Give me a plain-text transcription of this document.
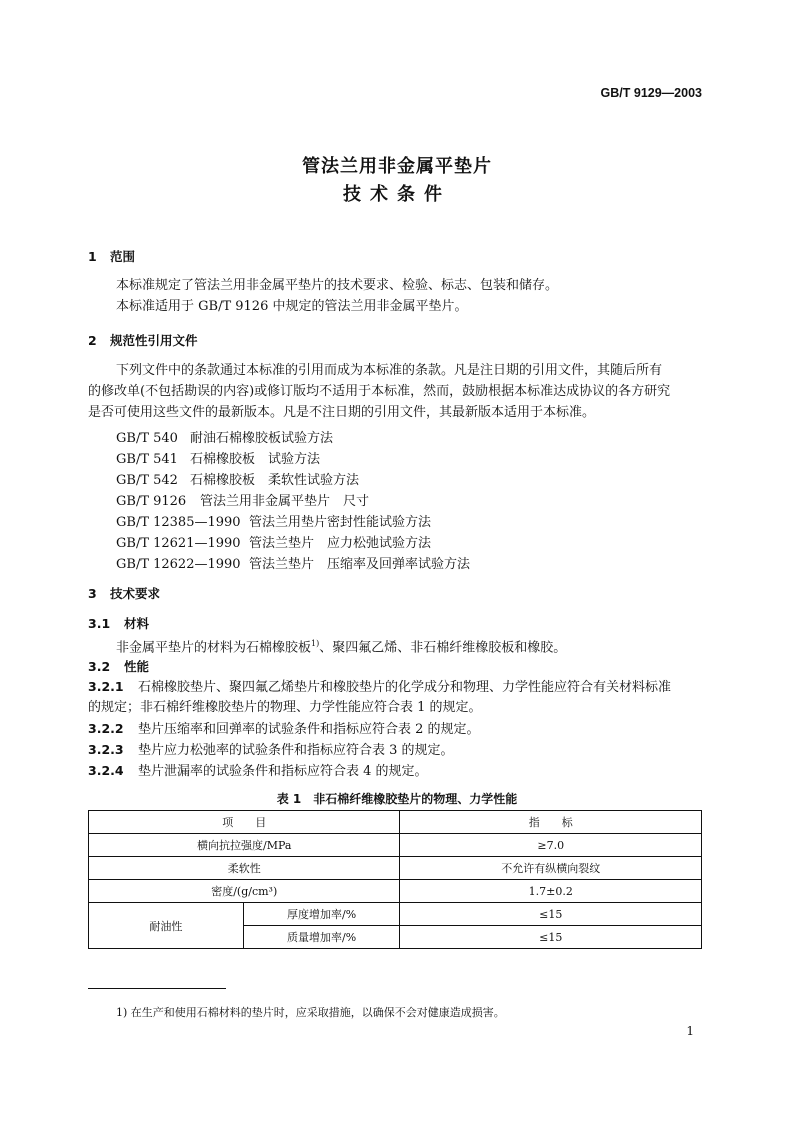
GB/T 9129—2003
管法兰用非金属平垫片
技术条件
1 范围
本标准规定了管法兰用非金属平垫片的技术要求、检验、标志、包装和储存。
本标准适用于 GB/T 9126 中规定的管法兰用非金属平垫片。
2 规范性引用文件
下列文件中的条款通过本标准的引用而成为本标准的条款。凡是注日期的引用文件，其随后所有
的修改单(不包括勘误的内容)或修订版均不适用于本标准，然而，鼓励根据本标准达成协议的各方研究
是否可使用这些文件的最新版本。凡是不注日期的引用文件，其最新版本适用于本标准。
GB/T 540 耐油石棉橡胶板试验方法
GB/T 541 石棉橡胶板　试验方法
GB/T 542 石棉橡胶板　柔软性试验方法
GB/T 9126 管法兰用非金属平垫片　尺寸
GB/T 12385—1990 管法兰用垫片密封性能试验方法
GB/T 12621—1990 管法兰垫片　应力松弛试验方法
GB/T 12622—1990 管法兰垫片　压缩率及回弹率试验方法
3 技术要求
3.1 材料
非金属平垫片的材料为石棉橡胶板$^{1)}$、聚四氟乙烯、非石棉纤维橡胶板和橡胶。
3.2 性能
3.2.1 石棉橡胶垫片、聚四氟乙烯垫片和橡胶垫片的化学成分和物理、力学性能应符合有关材料标准
的规定；非石棉纤维橡胶垫片的物理、力学性能应符合表 1 的规定。
3.2.2 垫片压缩率和回弹率的试验条件和指标应符合表 2 的规定。
3.2.3 垫片应力松弛率的试验条件和指标应符合表 3 的规定。
3.2.4 垫片泄漏率的试验条件和指标应符合表 4 的规定。
表 1　非石棉纤维橡胶垫片的物理、力学性能
项　　目		指　　标
横向抗拉强度/MPa		≥7.0
柔软性		不允许有纵横向裂纹
密度/(g/cm³)		1.7±0.2
耐油性	厚度增加率/%	≤15
	质量增加率/%	≤15
1) 在生产和使用石棉材料的垫片时，应采取措施，以确保不会对健康造成损害。
1
